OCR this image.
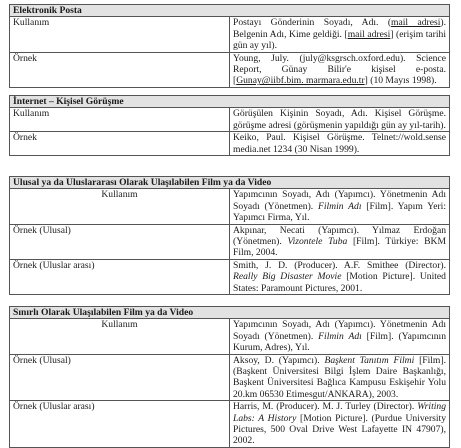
Elektronik Posta	
Kullanım	Postayı Gönderinin Soyadı, Adı. (mail adresi). Belgenin Adı, Kime geldiği. [mail adresi] (erişim tarihi gün ay yıl).
Örnek	Young, July. (july@ksgrsch.oxford.edu). Science Report, Günay Bilir'e kişisel e-posta. [Gunay@iibf.bim. marmara.edu.tr] (10 Mayıs 1998).
İnternet – Kişisel Görüşme	
Kullanım	Görüşülen Kişinin Soyadı, Adı. Kişisel Görüşme. görüşme adresi (görüşmenin yapıldığı gün ay yıl-tarih).
Örnek	Keiko, Paul. Kişisel Görüşme. Telnet://wold.sense media.net 1234 (30 Nisan 1999).
Ulusal ya da Uluslararası Olarak Ulaşılabilen Film ya da Video	
Kullanım	Yapımcının Soyadı, Adı (Yapımcı). Yönetmenin Adı Soyadı (Yönetmen). Filmin Adı [Film]. Yapım Yeri: Yapımcı Firma, Yıl.
Örnek (Ulusal)	Akpınar, Necati (Yapımcı). Yılmaz Erdoğan (Yönetmen). Vizontele Tuba [Film]. Türkiye: BKM Film, 2004.
Örnek (Uluslar arası)	Smith, J. D. (Producer). A.F. Smithee (Director). Really Big Disaster Movie [Motion Picture]. United States: Paramount Pictures, 2001.
Sınırlı Olarak Ulaşılabilen Film ya da Video	
Kullanım	Yapımcının Soyadı, Adı (Yapımcı). Yönetmenin Adı Soyadı (Yönetmen). Filmin Adı [Film]. (Yapımcının Kurum, Adres), Yıl.
Örnek (Ulusal)	Aksoy, D. (Yapımcı). Başkent Tanıtım Filmi [Film]. (Başkent Üniversitesi Bilgi İşlem Daire Başkanlığı, Başkent Üniversitesi Bağlıca Kampusu Eskişehir Yolu 20.km 06530 Etimesgut/ANKARA), 2003.
Örnek (Uluslar arası)	Harris, M. (Producer). M. J. Turley (Director). Writing Labs: A History [Motion Picture]. (Purdue University Pictures, 500 Oval Drive West Lafayette IN 47907), 2002.
